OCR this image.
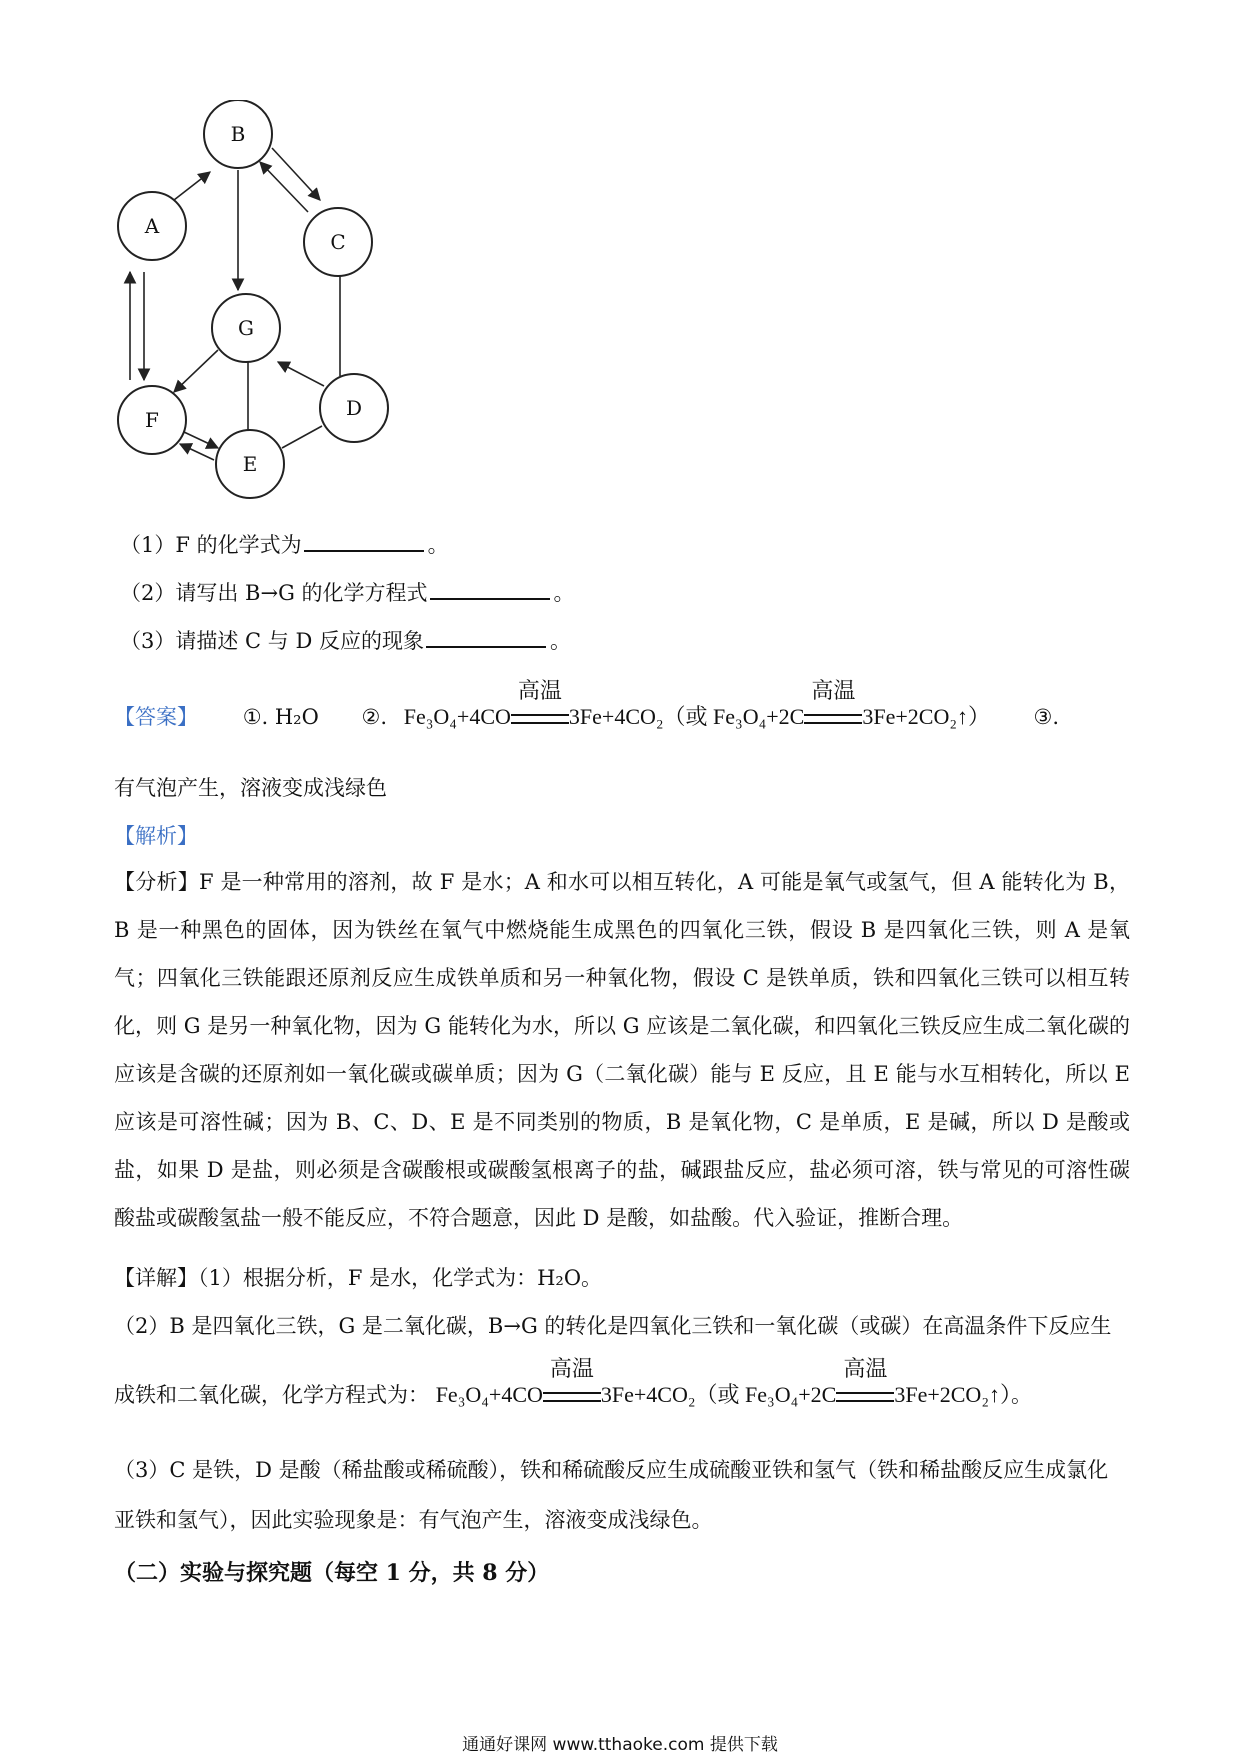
B
A
C
G
D
F
E
（1）F 的化学式为	。
（2）请写出 B→G 的化学方程式	。
（3）请描述 C 与 D 反应的现象	。
【答案】 ①. H₂O ②. Fe₃O₄+4CO
高温
3Fe+4CO₂（或 Fe₃O₄+2C
高温
3Fe+2CO₂↑） ③.
有气泡产生，溶液变成浅绿色
【解析】
【分析】F 是一种常用的溶剂，故 F 是水；A 和水可以相互转化，A 可能是氧气或氢气，但 A 能转化为 B，B 是一种黑色的固体，因为铁丝在氧气中燃烧能生成黑色的四氧化三铁，假设 B 是四氧化三铁，则 A 是氧气；四氧化三铁能跟还原剂反应生成铁单质和另一种氧化物，假设 C 是铁单质，铁和四氧化三铁可以相互转化，则 G 是另一种氧化物，因为 G 能转化为水，所以 G 应该是二氧化碳，和四氧化三铁反应生成二氧化碳的应该是含碳的还原剂如一氧化碳或碳单质；因为 G（二氧化碳）能与 E 反应，且 E 能与水互相转化，所以 E 应该是可溶性碱；因为 B、C、D、E 是不同类别的物质，B 是氧化物，C 是单质，E 是碱，所以 D 是酸或盐，如果 D 是盐，则必须是含碳酸根或碳酸氢根离子的盐，碱跟盐反应，盐必须可溶，铁与常见的可溶性碳酸盐或碳酸氢盐一般不能反应，不符合题意，因此 D 是酸，如盐酸。代入验证，推断合理。
【详解】（1）根据分析，F 是水，化学式为：H₂O。
（2）B 是四氧化三铁，G 是二氧化碳，B→G 的转化是四氧化三铁和一氧化碳（或碳）在高温条件下反应生
成铁和二氧化碳，化学方程式为： Fe₃O₄+4CO
高温
3Fe+4CO₂（或 Fe₃O₄+2C
高温
3Fe+2CO₂↑）。
（3）C 是铁，D 是酸（稀盐酸或稀硫酸），铁和稀硫酸反应生成硫酸亚铁和氢气（铁和稀盐酸反应生成氯化
亚铁和氢气），因此实验现象是：有气泡产生，溶液变成浅绿色。
（二）实验与探究题（每空 1 分，共 8 分）
通通好课网 www.tthaoke.com 提供下载
